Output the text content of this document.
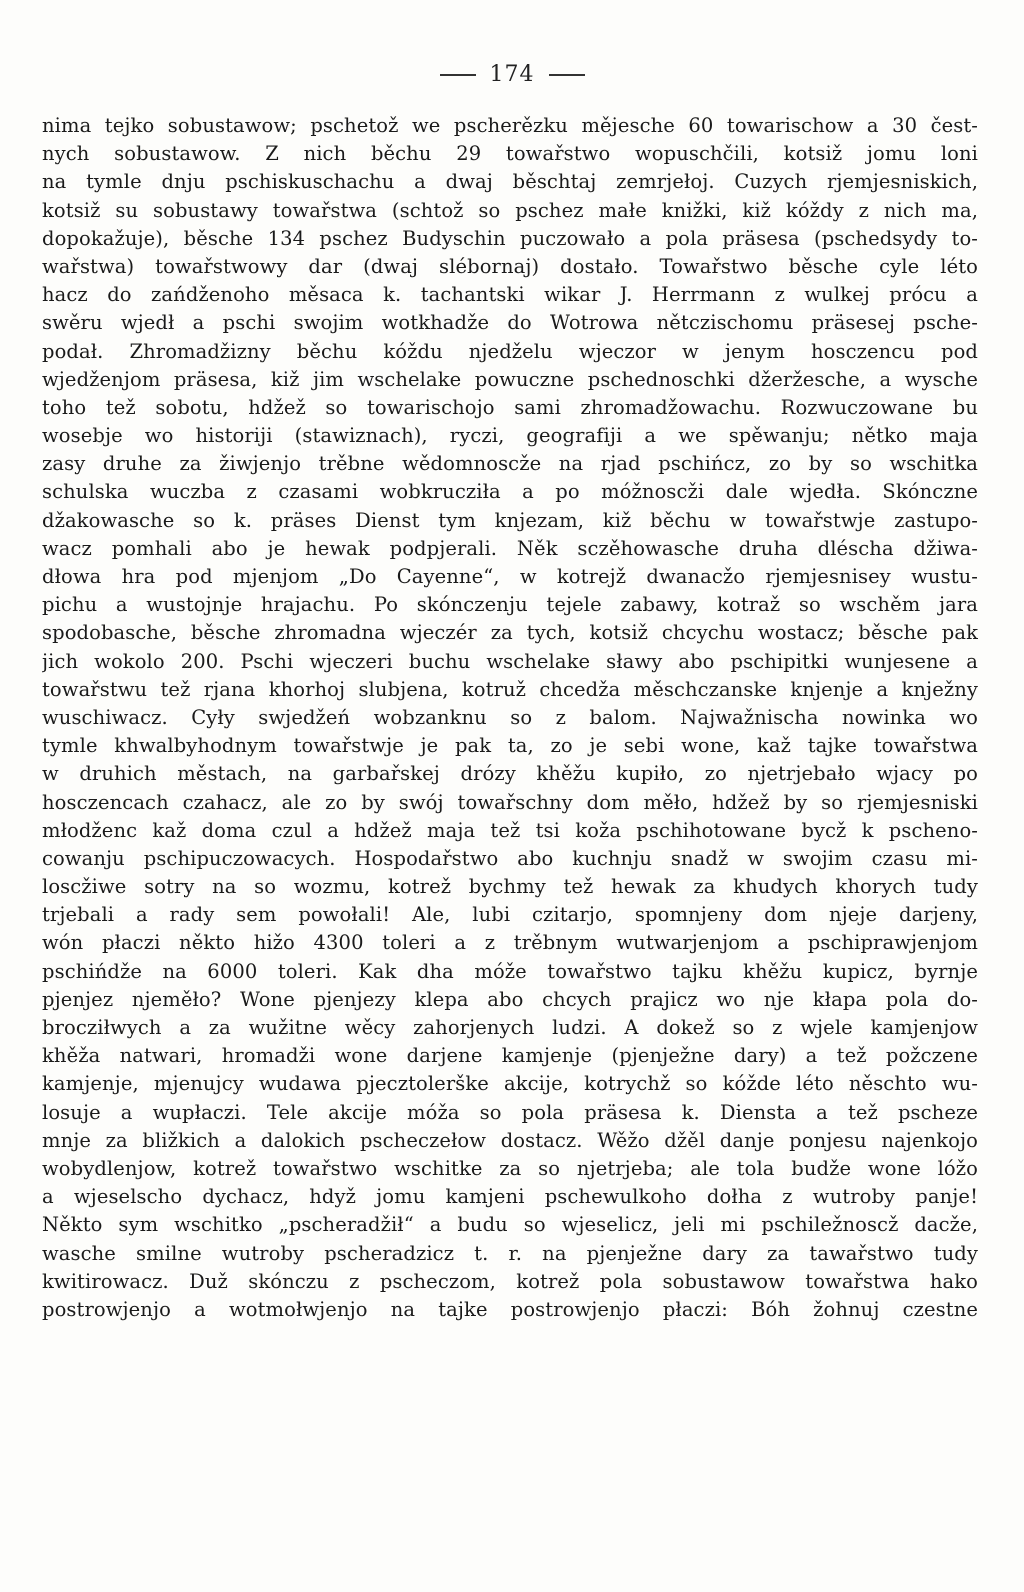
174
nima tejko sobustawow; pschetož we pscherězku mějesche 60 towarischow a 30 čest-
nych sobustawow. Z nich běchu 29 towařstwo wopuschčili, kotsiž jomu loni
na tymle dnju pschiskuschachu a dwaj běschtaj zemrjełoj. Cuzych rjemjesniskich,
kotsiž su sobustawy towařstwa (schtož so pschez małe knižki, kiž kóždy z nich ma,
dopokažuje), běsche 134 pschez Budyschin puczowało a pola präsesa (pschedsydy to-
wařstwa) towařstwowy dar (dwaj slébornaj) dostało. Towařstwo běsche cyle léto
hacz do zańdženoho měsaca k. tachantski wikar J. Herrmann z wulkej prócu a
swěru wjedł a pschi swojim wotkhadže do Wotrowa nětczischomu präsesej psche-
podał. Zhromadžizny běchu kóždu njedželu wjeczor w jenym hosczencu pod
wjedženjom präsesa, kiž jim wschelake powuczne pschednoschki džeržesche, a wysche
toho tež sobotu, hdžež so towarischojo sami zhromadžowachu. Rozwuczowane bu
wosebje wo historiji (stawiznach), ryczi, geografiji a we spěwanju; nětko maja
zasy druhe za žiwjenjo trěbne wědomnoscže na rjad pschińcz, zo by so wschitka
schulska wuczba z czasami wobkrucziła a po móžnoscži dale wjedła. Skónczne
džakowasche so k. präses Dienst tym knjezam, kiž běchu w towařstwje zastupo-
wacz pomhali abo je hewak podpjerali. Něk sczěhowasche druha dléscha džiwa-
dłowa hra pod mjenjom „Do Cayenne“, w kotrejž dwanacžo rjemjesnisey wustu-
pichu a wustojnje hrajachu. Po skónczenju tejele zabawy, kotraž so wschěm jara
spodobasche, běsche zhromadna wjeczér za tych, kotsiž chcychu wostacz; běsche pak
jich wokolo 200. Pschi wjeczeri buchu wschelake sławy abo pschipitki wunjesene a
towařstwu tež rjana khorhoj slubjena, kotruž chcedža měschczanske knjenje a knježny
wuschiwacz. Cyły swjedžeń wobzanknu so z balom. Najwažnischa nowinka wo
tymle khwalbyhodnym towařstwje je pak ta, zo je sebi wone, kaž tajke towařstwa
w druhich městach, na garbařskej drózy khěžu kupiło, zo njetrjebało wjacy po
hosczencach czahacz, ale zo by swój towařschny dom měło, hdžež by so rjemjesniski
młodženc kaž doma czul a hdžež maja tež tsi koža pschihotowane bycž k pscheno-
cowanju pschipuczowacych. Hospodařstwo abo kuchnju snadž w swojim czasu mi-
loscžiwe sotry na so wozmu, kotrež bychmy tež hewak za khudych khorych tudy
trjebali a rady sem powołali! Ale, lubi czitarjo, spomnjeny dom njeje darjeny,
wón płaczi někto hižo 4300 toleri a z trěbnym wutwarjenjom a pschiprawjenjom
pschińdže na 6000 toleri. Kak dha móže towařstwo tajku khěžu kupicz, byrnje
pjenjez njeměło? Wone pjenjezy klepa abo chcych prajicz wo nje kłapa pola do-
brocziłwych a za wužitne wěcy zahorjenych ludzi. A dokež so z wjele kamjenjow
khěža natwari, hromadži wone darjene kamjenje (pjenježne dary) a tež požczene
kamjenje, mjenujcy wudawa pjecztolerške akcije, kotrychž so kóžde léto něschto wu-
losuje a wupłaczi. Tele akcije móža so pola präsesa k. Diensta a tež pscheze
mnje za bližkich a dalokich pscheczełow dostacz. Wěžo džěl danje ponjesu najenkojo
wobydlenjow, kotrež towařstwo wschitke za so njetrjeba; ale tola budže wone lóžo
a wjeselscho dychacz, hdyž jomu kamjeni pschewulkoho dołha z wutroby panje!
Někto sym wschitko „pscheradžił“ a budu so wjeselicz, jeli mi pschiležnoscž dacže,
wasche smilne wutroby pscheradzicz t. r. na pjenježne dary za tawařstwo tudy
kwitirowacz. Duž skónczu z pscheczom, kotrež pola sobustawow towařstwa hako
postrowjenjo a wotmołwjenjo na tajke postrowjenjo płaczi: Bóh žohnuj czestne
